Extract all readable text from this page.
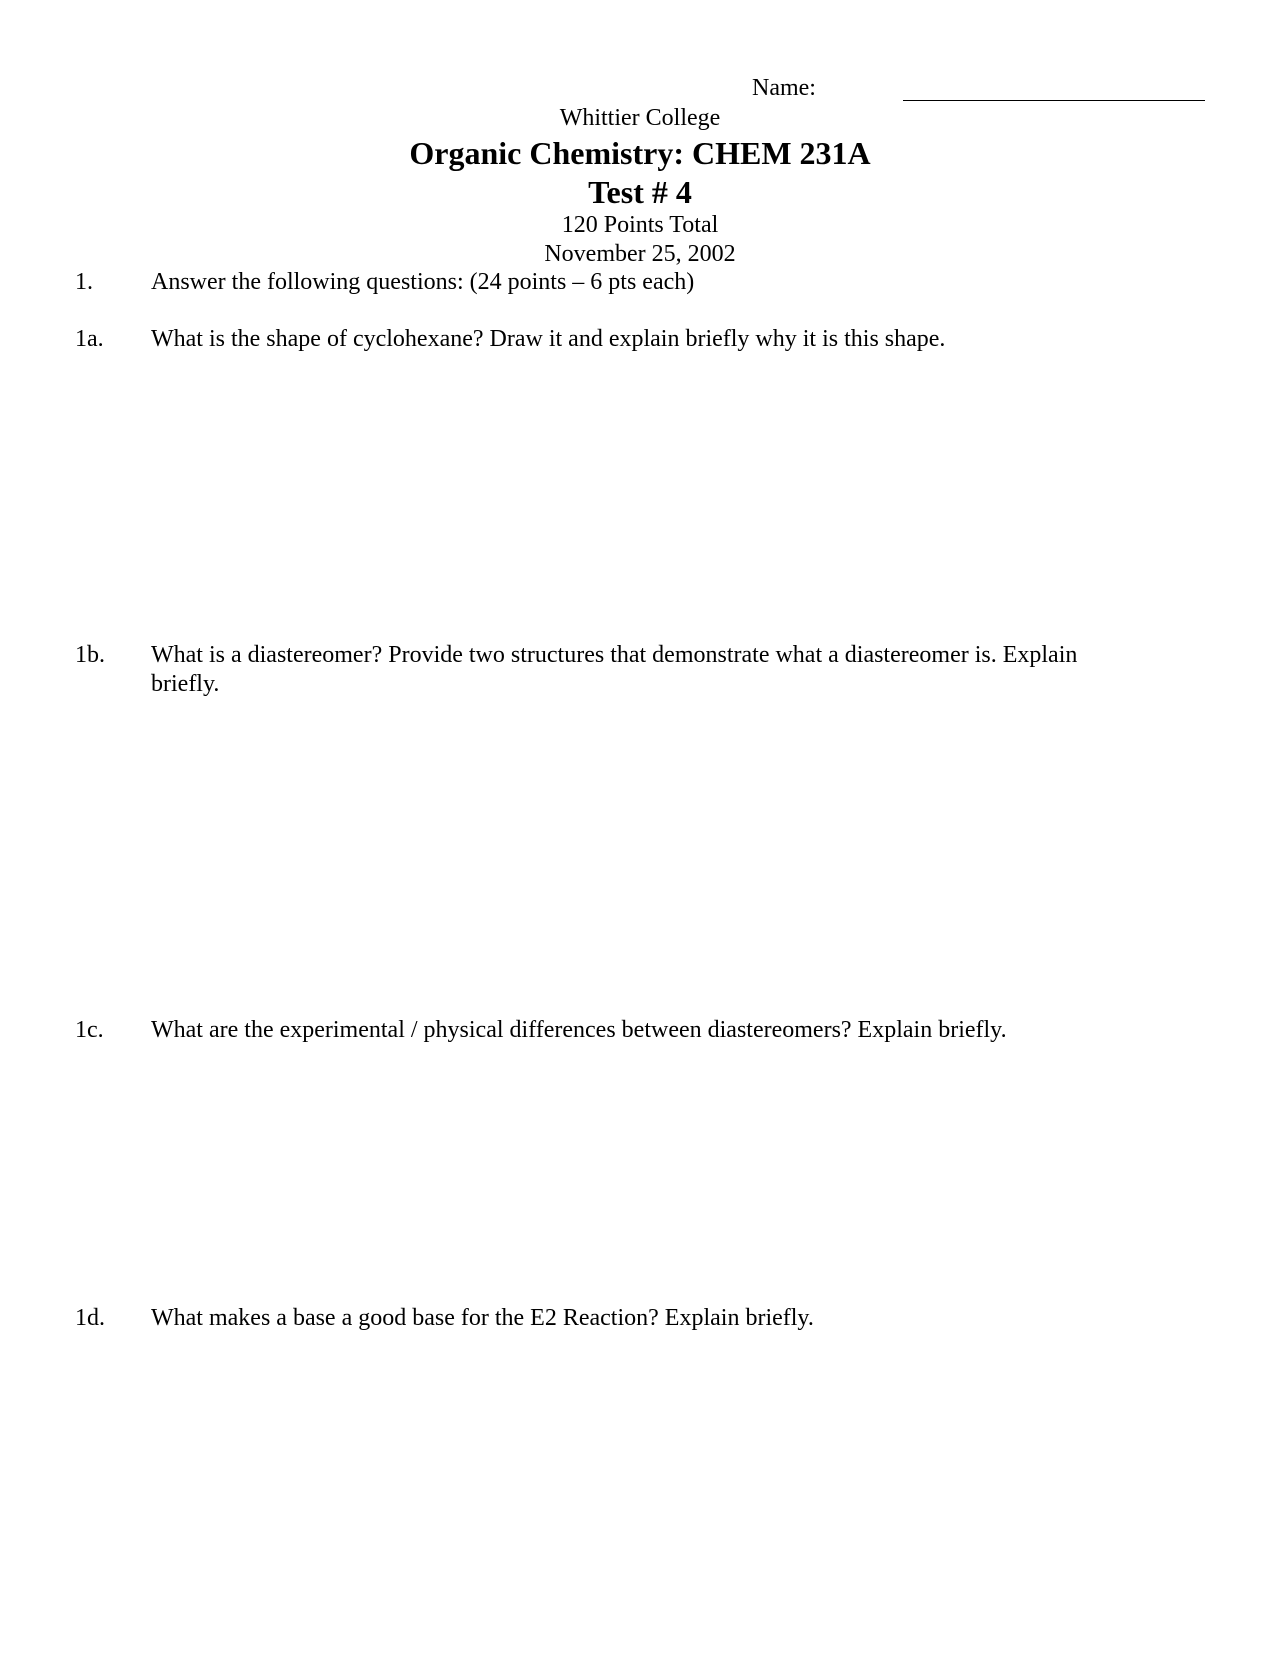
Name:
Whittier College
Organic Chemistry: CHEM 231A
Test # 4
120 Points Total
November 25, 2002
1. Answer the following questions: (24 points – 6 pts each)
1a. What is the shape of cyclohexane? Draw it and explain briefly why it is this shape.
1b. What is a diastereomer? Provide two structures that demonstrate what a diastereomer is. Explain briefly.
1c. What are the experimental / physical differences between diastereomers? Explain briefly.
1d. What makes a base a good base for the E2 Reaction? Explain briefly.
